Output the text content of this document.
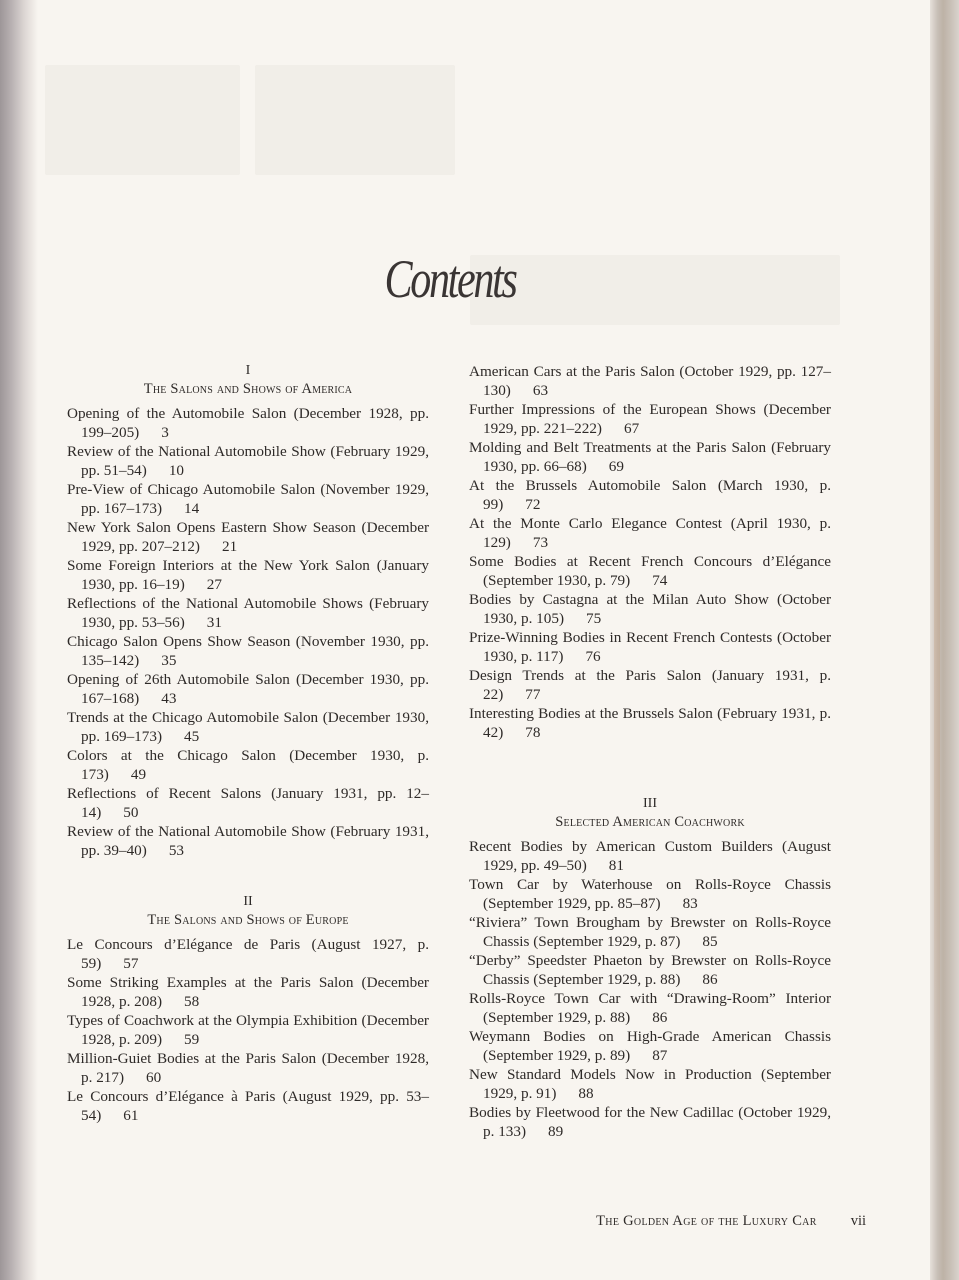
Contents
I
The Salons and Shows of America
Opening of the Automobile Salon (December 1928, pp. 199–205) 3
Review of the National Automobile Show (February 1929, pp. 51–54) 10
Pre-View of Chicago Automobile Salon (November 1929, pp. 167–173) 14
New York Salon Opens Eastern Show Season (December 1929, pp. 207–212) 21
Some Foreign Interiors at the New York Salon (January 1930, pp. 16–19) 27
Reflections of the National Automobile Shows (February 1930, pp. 53–56) 31
Chicago Salon Opens Show Season (November 1930, pp. 135–142) 35
Opening of 26th Automobile Salon (December 1930, pp. 167–168) 43
Trends at the Chicago Automobile Salon (December 1930, pp. 169–173) 45
Colors at the Chicago Salon (December 1930, p. 173) 49
Reflections of Recent Salons (January 1931, pp. 12–14) 50
Review of the National Automobile Show (February 1931, pp. 39–40) 53
II
The Salons and Shows of Europe
Le Concours d’Elégance de Paris (August 1927, p. 59) 57
Some Striking Examples at the Paris Salon (December 1928, p. 208) 58
Types of Coachwork at the Olympia Exhibition (December 1928, p. 209) 59
Million-Guiet Bodies at the Paris Salon (December 1928, p. 217) 60
Le Concours d’Elégance à Paris (August 1929, pp. 53–54) 61
American Cars at the Paris Salon (October 1929, pp. 127–130) 63
Further Impressions of the European Shows (December 1929, pp. 221–222) 67
Molding and Belt Treatments at the Paris Salon (February 1930, pp. 66–68) 69
At the Brussels Automobile Salon (March 1930, p. 99) 72
At the Monte Carlo Elegance Contest (April 1930, p. 129) 73
Some Bodies at Recent French Concours d’Elégance (September 1930, p. 79) 74
Bodies by Castagna at the Milan Auto Show (October 1930, p. 105) 75
Prize-Winning Bodies in Recent French Contests (October 1930, p. 117) 76
Design Trends at the Paris Salon (January 1931, p. 22) 77
Interesting Bodies at the Brussels Salon (February 1931, p. 42) 78
III
Selected American Coachwork
Recent Bodies by American Custom Builders (August 1929, pp. 49–50) 81
Town Car by Waterhouse on Rolls-Royce Chassis (September 1929, pp. 85–87) 83
“Riviera” Town Brougham by Brewster on Rolls-Royce Chassis (September 1929, p. 87) 85
“Derby” Speedster Phaeton by Brewster on Rolls-Royce Chassis (September 1929, p. 88) 86
Rolls-Royce Town Car with “Drawing-Room” Interior (September 1929, p. 88) 86
Weymann Bodies on High-Grade American Chassis (September 1929, p. 89) 87
New Standard Models Now in Production (September 1929, p. 91) 88
Bodies by Fleetwood for the New Cadillac (October 1929, p. 133) 89
The Golden Age of the Luxury Car vii
